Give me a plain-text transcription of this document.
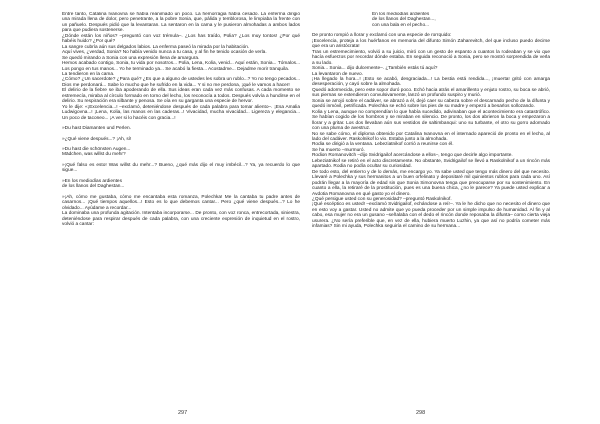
Entre tanto, Catalina Ivanovna se había reanimado un poco. La hemorragia había cesado. La enferma dirigió una mirada llena de dolor, pero penetrante, a la pobre Sonia, que, pálida y temblorosa, le limpiaba la frente con un pañuelo. Después pidió que la levantaran. La sentaron en la cama y le pusieron almohadas a ambos lados para que pudiera sostenerse.

¿Dónde están los niños? –preguntó con voz trémula–. ¿Los has traído, Polia? ¿Los muy tontos! ¿Por qué habéis huido? ¿Por qué?

La sangre cubría aún sus delgados labios. La enferma paseó la mirada por la habitación.

Aquí vives, ¿verdad, Sonia? No había venido nunca a tu casa, y al fin he tenido ocasión de verla.

Se quedó mirando a Sonia con una expresión llena de amargura.

Hemos acabado contigo, Sonia, tu vida por nosotros... Polia, Lena, Kolia, venid... Aquí están, Sonia... Tómalos... Los pongo en tus manos... Yo he terminado ya... Se acabó la fiesta... Acostadme... Dejadme morir tranquila.

La tendieron en la cama.

¿Cómo? ¿Un sacerdote? ¿Para qué? ¿Es que a alguno de ustedes les sobra un rublo...? Yo no tengo pecados... Dios me perdonará... Sabe lo mucho que he sufrido en la vida... Y si no me perdona, ¡qué le vamos a hacer!

El delirio de la fiebre se iba apoderando de ella. Sus ideas eran cada vez más confusas. A cada momento se estremecía, miraba al círculo formado en torno del lecho, los reconocía a todos. Después volvía a hundirse en el delirio. Su respiración era silbante y penosa. Se oía en su garganta una especie de hervor.

Yo le dije: «¡Excelencia...! –exclamó, deteniéndose después de cada palabra para tomar aliento–. ¡Esa Amalia Ludwigovna...! ¡Lena, Kolia, las manos en las caderas...! Vivacidad, mucha vivacidad... Ligereza y elegancia... Un poco de taconeo... ¡A ver si lo hacéis con gracia...!

»Du hast Diamanten und Perlen.

»¿Qué viene después...? ¡Ah, sí!

»Du hast die schönsten Augen...

Mädchen, was willst du mehr?

»¡Qué falso es esto! Was willst du mehr...? Bueno, ¿qué más dijo el muy imbécil...? Ya, ya recuerdo lo que sigue...

»En los mediodías ardientes

de los llanos del Daghestan...

»¡Ah, cómo me gustaba, cómo me encantaba esta romanza, Polechka! Me la cantaba tu padre antes de casarnos... ¡Qué tiempos aquellos...! Esto es lo que debemos cantar... Pero ¿qué viene después...? Lo he olvidado... Ayúdame a recordar...

La dominaba una profunda agitación. Intentaba incorporarse... De pronto, con voz ronca, entrecortada, siniestra, deteniéndose para respirar después de cada palabra, con una creciente expresión de inquietud en el rostro, volvió a cantar:

En los mediodías ardientes

de los llanos del Daghestan...,

con una bala en el pecho...

De pronto rompió a llorar y exclamó con una especie de rorrquido:

¡Excelencia, proteja a los huérfanos en memoria del difunto Simón Zaharevitch, del que incluso puedo decirse que era un aristócrata!

Tras un estremecimiento, volvió a su juicio, miró con un gesto de espanto a cuantos la rodeaban y se vio que hacía esfuerzos por recordar dónde estaba. En seguida reconoció a Sonia, pero se mostró sorprendida de verla a su lado.

Sonia... Sonia... dijo dulcemente–. ¿También estás tú aquí?

La levantaron de nuevo.

¡Ha llegado la hora...! ¡Esto se acabó, desgraciada...! La bestia está rendida..., ¡muerta! gritó con amarga desesperación, y cayó sobre la almohada.

Quedó adormecida, pero este sopor duró poco. Echó hacia atrás el amarillento y enjuto rostro, su boca se abrió, sus piernas se extendieron convulsivamente, lanzó un profundo suspiro y murió.

Sonia se arrojó sobre el cadáver, se abrazó a él, dejó caer su cabeza sobre el descarnado pecho de la difunta y quedó inmóvil, petrificada. Polechka se echó sobre los pies de su madre y empezó a besarlos sollozando.

Kolia y Lena, aunque no comprendían lo que había sucedido, adivinaban que el acontecimiento era catastrófico. Se habían cogido de los hombros y se miraban en silencio. De pronto, los dos abrieron la boca y empezaron a llorar y a gritar. Los dos llevaban aún sus vestidos de saltimbanqui: uno su turbante, el otro su gorro adornado con una pluma de avestruz.

No se sabe cómo, el diploma obtenido por Catalina Ivanovna en el internado apareció de pronto en el lecho, al lado del cadáver. Raskolnikof lo vio. Estaba junto a la almohada.

Rodia se dirigió a la ventana. Lebeziatnikof corrió a reunirse con él.

Se ha muerto –murmuró.

Rodion Romanovitch –dijo Svidrigailof acercándose a ellos–, tengo que decirle algo importante.

Lebeziatnikof se retiró en el acto discretamente. No obstante, Svidrigailof se llevó a Raskolnikof a un rincón más apartado. Rodia no podía ocultar su curiosidad.

De todo esto, del entierro y de lo demás, me encargo yo. Ya sabe usted que tengo más dinero del que necesito. Llevaré a Polechka y sus hermanitos a un buen orfelinato y depositaré mil quinientos rublos para cada uno. Así podrán llegar a la mayoría de edad sin que Sonia Simonovna tenga que preocuparse por su sostenimiento. En cuanto a ella, la retiraré de la prostitución, pues es una buena chica, ¿no le parece? Ya puede usted explicar a Avdotia Romanovna en qué gasto yo el dinero.

¿Qué persigue usted con su generosidad? –preguntó Raskolnikof.

¡Qué escéptico es usted! –exclamó Svidrigailof, echándose a reír–. Ya le he dicho que no necesito el dinero que en esto voy a gastar. Usted no admite que yo pueda proceder por un simple impulso de humanidad. Al fin y al cabo, esa mujer no era un gusano –señalaba con el dedo el rincón donde reposaba la difunta– como cierta vieja usurera. ¿No sería preferible que, en vez de ella, hubiera muerto Luzhin, ya que así no podría cometer más infamias? Sin mi ayuda, Polechka seguiría el camino de su hermana...

297	298
